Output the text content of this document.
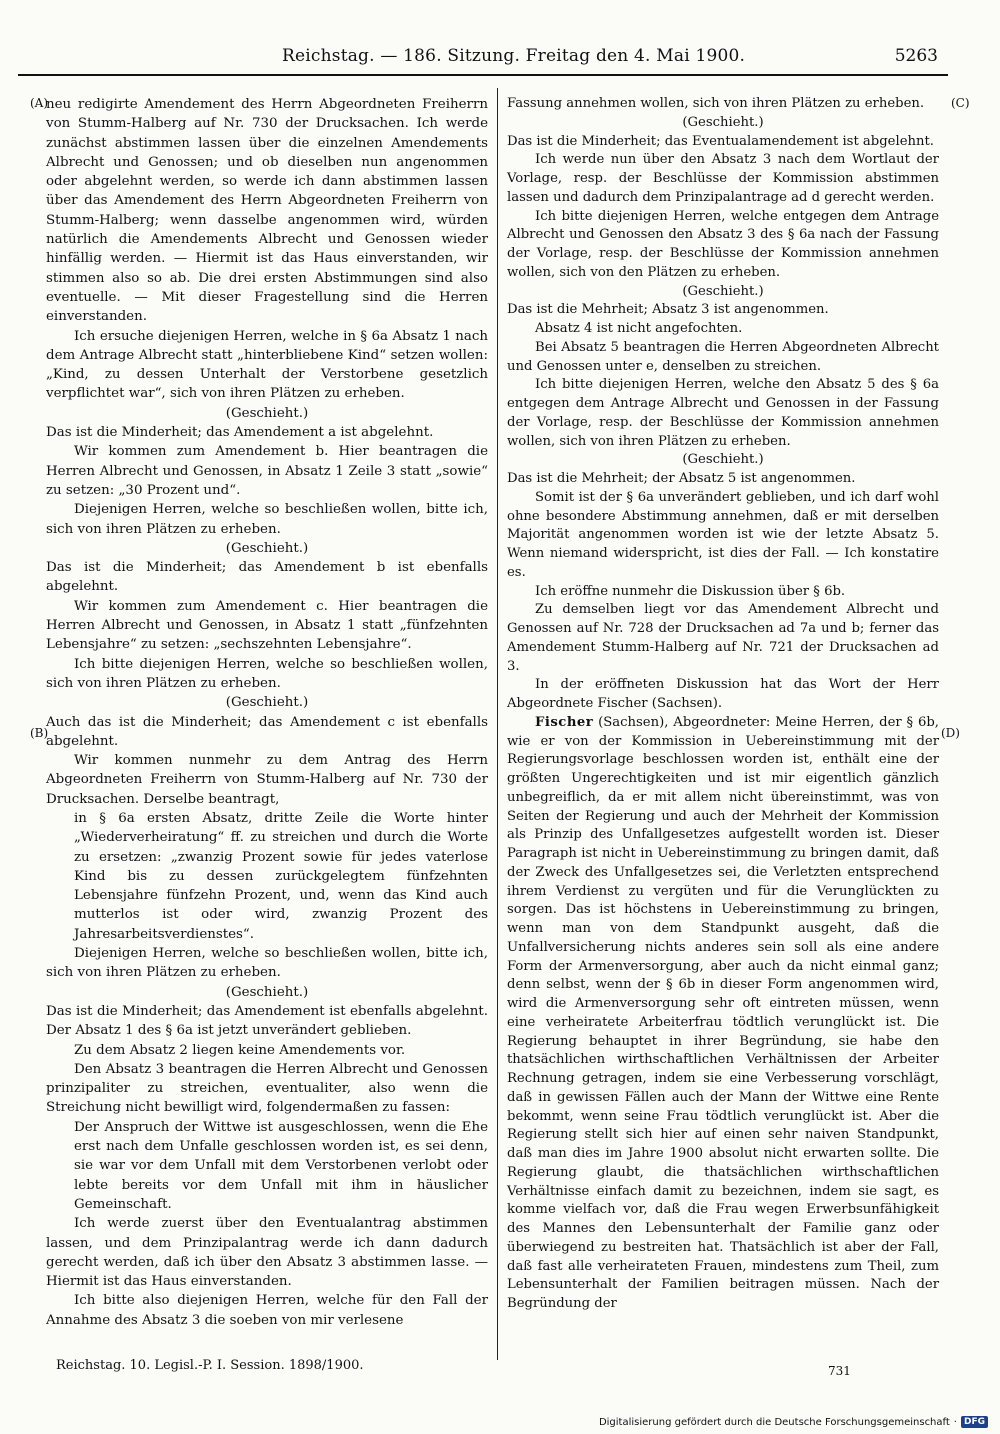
Reichstag. — 186. Sitzung. Freitag den 4. Mai 1900.	5263
(A)
(B)
(C)
(D)

neu redigirte Amendement des Herrn Abgeordneten Freiherrn von Stumm-Halberg auf Nr. 730 der Drucksachen. Ich werde zunächst abstimmen lassen über die einzelnen Amendements Albrecht und Genossen; und ob dieselben nun angenommen oder abgelehnt werden, so werde ich dann abstimmen lassen über das Amendement des Herrn Abgeordneten Freiherrn von Stumm-Halberg; wenn dasselbe angenommen wird, würden natürlich die Amendements Albrecht und Genossen wieder hinfällig werden. — Hiermit ist das Haus einverstanden, wir stimmen also so ab. Die drei ersten Abstimmungen sind also eventuelle. — Mit dieser Fragestellung sind die Herren einverstanden.

Ich ersuche diejenigen Herren, welche in § 6a Absatz 1 nach dem Antrage Albrecht statt „hinterbliebene Kind“ setzen wollen: „Kind, zu dessen Unterhalt der Verstorbene gesetzlich verpflichtet war“, sich von ihren Plätzen zu erheben.

(Geschieht.)

Das ist die Minderheit; das Amendement a ist abgelehnt.

Wir kommen zum Amendement b. Hier beantragen die Herren Albrecht und Genossen, in Absatz 1 Zeile 3 statt „sowie“ zu setzen: „30 Prozent und“.

Diejenigen Herren, welche so beschließen wollen, bitte ich, sich von ihren Plätzen zu erheben.

(Geschieht.)

Das ist die Minderheit; das Amendement b ist ebenfalls abgelehnt.

Wir kommen zum Amendement c. Hier beantragen die Herren Albrecht und Genossen, in Absatz 1 statt „fünfzehnten Lebensjahre“ zu setzen: „sechszehnten Lebensjahre“.

Ich bitte diejenigen Herren, welche so beschließen wollen, sich von ihren Plätzen zu erheben.

(Geschieht.)

Auch das ist die Minderheit; das Amendement c ist ebenfalls abgelehnt.

Wir kommen nunmehr zu dem Antrag des Herrn Abgeordneten Freiherrn von Stumm-Halberg auf Nr. 730 der Drucksachen. Derselbe beantragt,

in § 6a ersten Absatz, dritte Zeile die Worte hinter „Wiederverheiratung“ ff. zu streichen und durch die Worte zu ersetzen: „zwanzig Prozent sowie für jedes vaterlose Kind bis zu dessen zurückgelegtem fünfzehnten Lebensjahre fünfzehn Prozent, und, wenn das Kind auch mutterlos ist oder wird, zwanzig Prozent des Jahresarbeitsverdienstes“.

Diejenigen Herren, welche so beschließen wollen, bitte ich, sich von ihren Plätzen zu erheben.

(Geschieht.)

Das ist die Minderheit; das Amendement ist ebenfalls abgelehnt. Der Absatz 1 des § 6a ist jetzt unverändert geblieben.

Zu dem Absatz 2 liegen keine Amendements vor.

Den Absatz 3 beantragen die Herren Albrecht und Genossen prinzipaliter zu streichen, eventualiter, also wenn die Streichung nicht bewilligt wird, folgendermaßen zu fassen:

Der Anspruch der Wittwe ist ausgeschlossen, wenn die Ehe erst nach dem Unfalle geschlossen worden ist, es sei denn, sie war vor dem Unfall mit dem Verstorbenen verlobt oder lebte bereits vor dem Unfall mit ihm in häuslicher Gemeinschaft.

Ich werde zuerst über den Eventualantrag abstimmen lassen, und dem Prinzipalantrag werde ich dann dadurch gerecht werden, daß ich über den Absatz 3 abstimmen lasse. — Hiermit ist das Haus einverstanden.

Ich bitte also diejenigen Herren, welche für den Fall der Annahme des Absatz 3 die soeben von mir verlesene

Fassung annehmen wollen, sich von ihren Plätzen zu erheben.

(Geschieht.)

Das ist die Minderheit; das Eventualamendement ist abgelehnt.

Ich werde nun über den Absatz 3 nach dem Wortlaut der Vorlage, resp. der Beschlüsse der Kommission abstimmen lassen und dadurch dem Prinzipalantrage ad d gerecht werden.

Ich bitte diejenigen Herren, welche entgegen dem Antrage Albrecht und Genossen den Absatz 3 des § 6a nach der Fassung der Vorlage, resp. der Beschlüsse der Kommission annehmen wollen, sich von den Plätzen zu erheben.

(Geschieht.)

Das ist die Mehrheit; Absatz 3 ist angenommen.

Absatz 4 ist nicht angefochten.

Bei Absatz 5 beantragen die Herren Abgeordneten Albrecht und Genossen unter e, denselben zu streichen.

Ich bitte diejenigen Herren, welche den Absatz 5 des § 6a entgegen dem Antrage Albrecht und Genossen in der Fassung der Vorlage, resp. der Beschlüsse der Kommission annehmen wollen, sich von ihren Plätzen zu erheben.

(Geschieht.)

Das ist die Mehrheit; der Absatz 5 ist angenommen.

Somit ist der § 6a unverändert geblieben, und ich darf wohl ohne besondere Abstimmung annehmen, daß er mit derselben Majorität angenommen worden ist wie der letzte Absatz 5. Wenn niemand widerspricht, ist dies der Fall. — Ich konstatire es.

Ich eröffne nunmehr die Diskussion über § 6b.

Zu demselben liegt vor das Amendement Albrecht und Genossen auf Nr. 728 der Drucksachen ad 7a und b; ferner das Amendement Stumm-Halberg auf Nr. 721 der Drucksachen ad 3.

In der eröffneten Diskussion hat das Wort der Herr Abgeordnete Fischer (Sachsen).

Fischer (Sachsen), Abgeordneter: Meine Herren, der § 6b, wie er von der Kommission in Uebereinstimmung mit der Regierungsvorlage beschlossen worden ist, enthält eine der größten Ungerechtigkeiten und ist mir eigentlich gänzlich unbegreiflich, da er mit allem nicht übereinstimmt, was von Seiten der Regierung und auch der Mehrheit der Kommission als Prinzip des Unfallgesetzes aufgestellt worden ist. Dieser Paragraph ist nicht in Uebereinstimmung zu bringen damit, daß der Zweck des Unfallgesetzes sei, die Verletzten entsprechend ihrem Verdienst zu vergüten und für die Verunglückten zu sorgen. Das ist höchstens in Uebereinstimmung zu bringen, wenn man von dem Standpunkt ausgeht, daß die Unfallversicherung nichts anderes sein soll als eine andere Form der Armenversorgung, aber auch da nicht einmal ganz; denn selbst, wenn der § 6b in dieser Form angenommen wird, wird die Armenversorgung sehr oft eintreten müssen, wenn eine verheiratete Arbeiterfrau tödtlich verunglückt ist. Die Regierung behauptet in ihrer Begründung, sie habe den thatsächlichen wirthschaftlichen Verhältnissen der Arbeiter Rechnung getragen, indem sie eine Verbesserung vorschlägt, daß in gewissen Fällen auch der Mann der Wittwe eine Rente bekommt, wenn seine Frau tödtlich verunglückt ist. Aber die Regierung stellt sich hier auf einen sehr naiven Standpunkt, daß man dies im Jahre 1900 absolut nicht erwarten sollte. Die Regierung glaubt, die thatsächlichen wirthschaftlichen Verhältnisse einfach damit zu bezeichnen, indem sie sagt, es komme vielfach vor, daß die Frau wegen Erwerbsunfähigkeit des Mannes den Lebensunterhalt der Familie ganz oder überwiegend zu bestreiten hat. Thatsächlich ist aber der Fall, daß fast alle verheirateten Frauen, mindestens zum Theil, zum Lebensunterhalt der Familien beitragen müssen. Nach der Begründung der

Reichstag. 10. Legisl.-P. I. Session. 1898/1900.	731
Digitalisierung gefördert durch die Deutsche Forschungsgemeinschaft · DFG
